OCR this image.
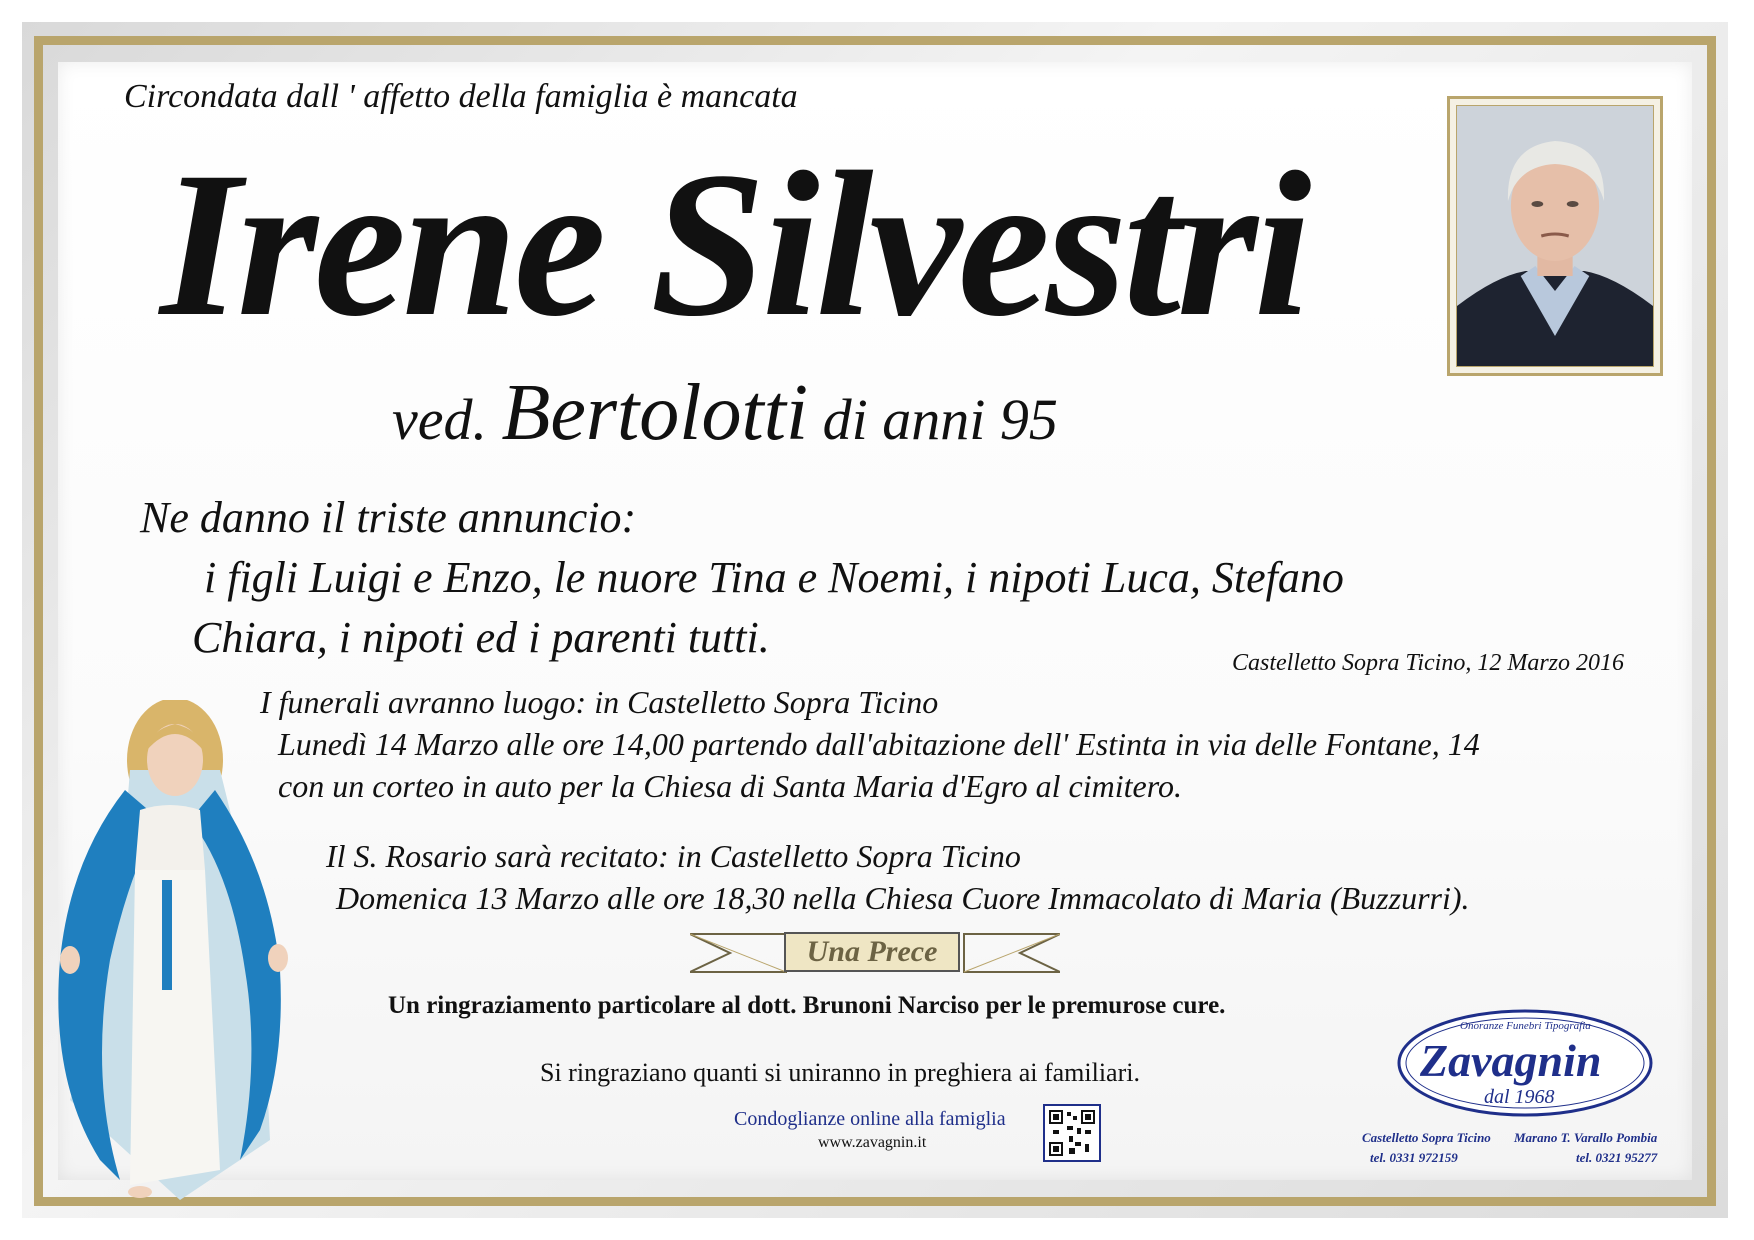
Circondata dall ' affetto della famiglia è mancata
Irene Silvestri
ved. Bertolotti di anni 95
Ne danno il triste annuncio:
i figli Luigi e Enzo, le nuore Tina e Noemi, i nipoti Luca, Stefano
Chiara, i nipoti ed i parenti tutti.
Castelletto Sopra Ticino, 12 Marzo 2016
I funerali avranno luogo: in Castelletto Sopra Ticino
Lunedì 14 Marzo alle ore 14,00 partendo dall'abitazione dell' Estinta in via delle Fontane, 14
con un corteo in auto per la Chiesa di Santa Maria d'Egro al cimitero.
Il S. Rosario sarà recitato: in Castelletto Sopra Ticino
Domenica 13 Marzo alle ore 18,30 nella Chiesa Cuore Immacolato di Maria (Buzzurri).
Una Prece
Un ringraziamento particolare al dott. Brunoni Narciso per le premurose cure.
Si ringraziano quanti si uniranno in preghiera ai familiari.
Condoglianze online alla famiglia
www.zavagnin.it
Onoranze Funebri Tipografia
Zavagnin
dal 1968
Castelletto Sopra Ticino Marano T. Varallo Pombia
tel. 0331 972159	tel. 0321 95277
